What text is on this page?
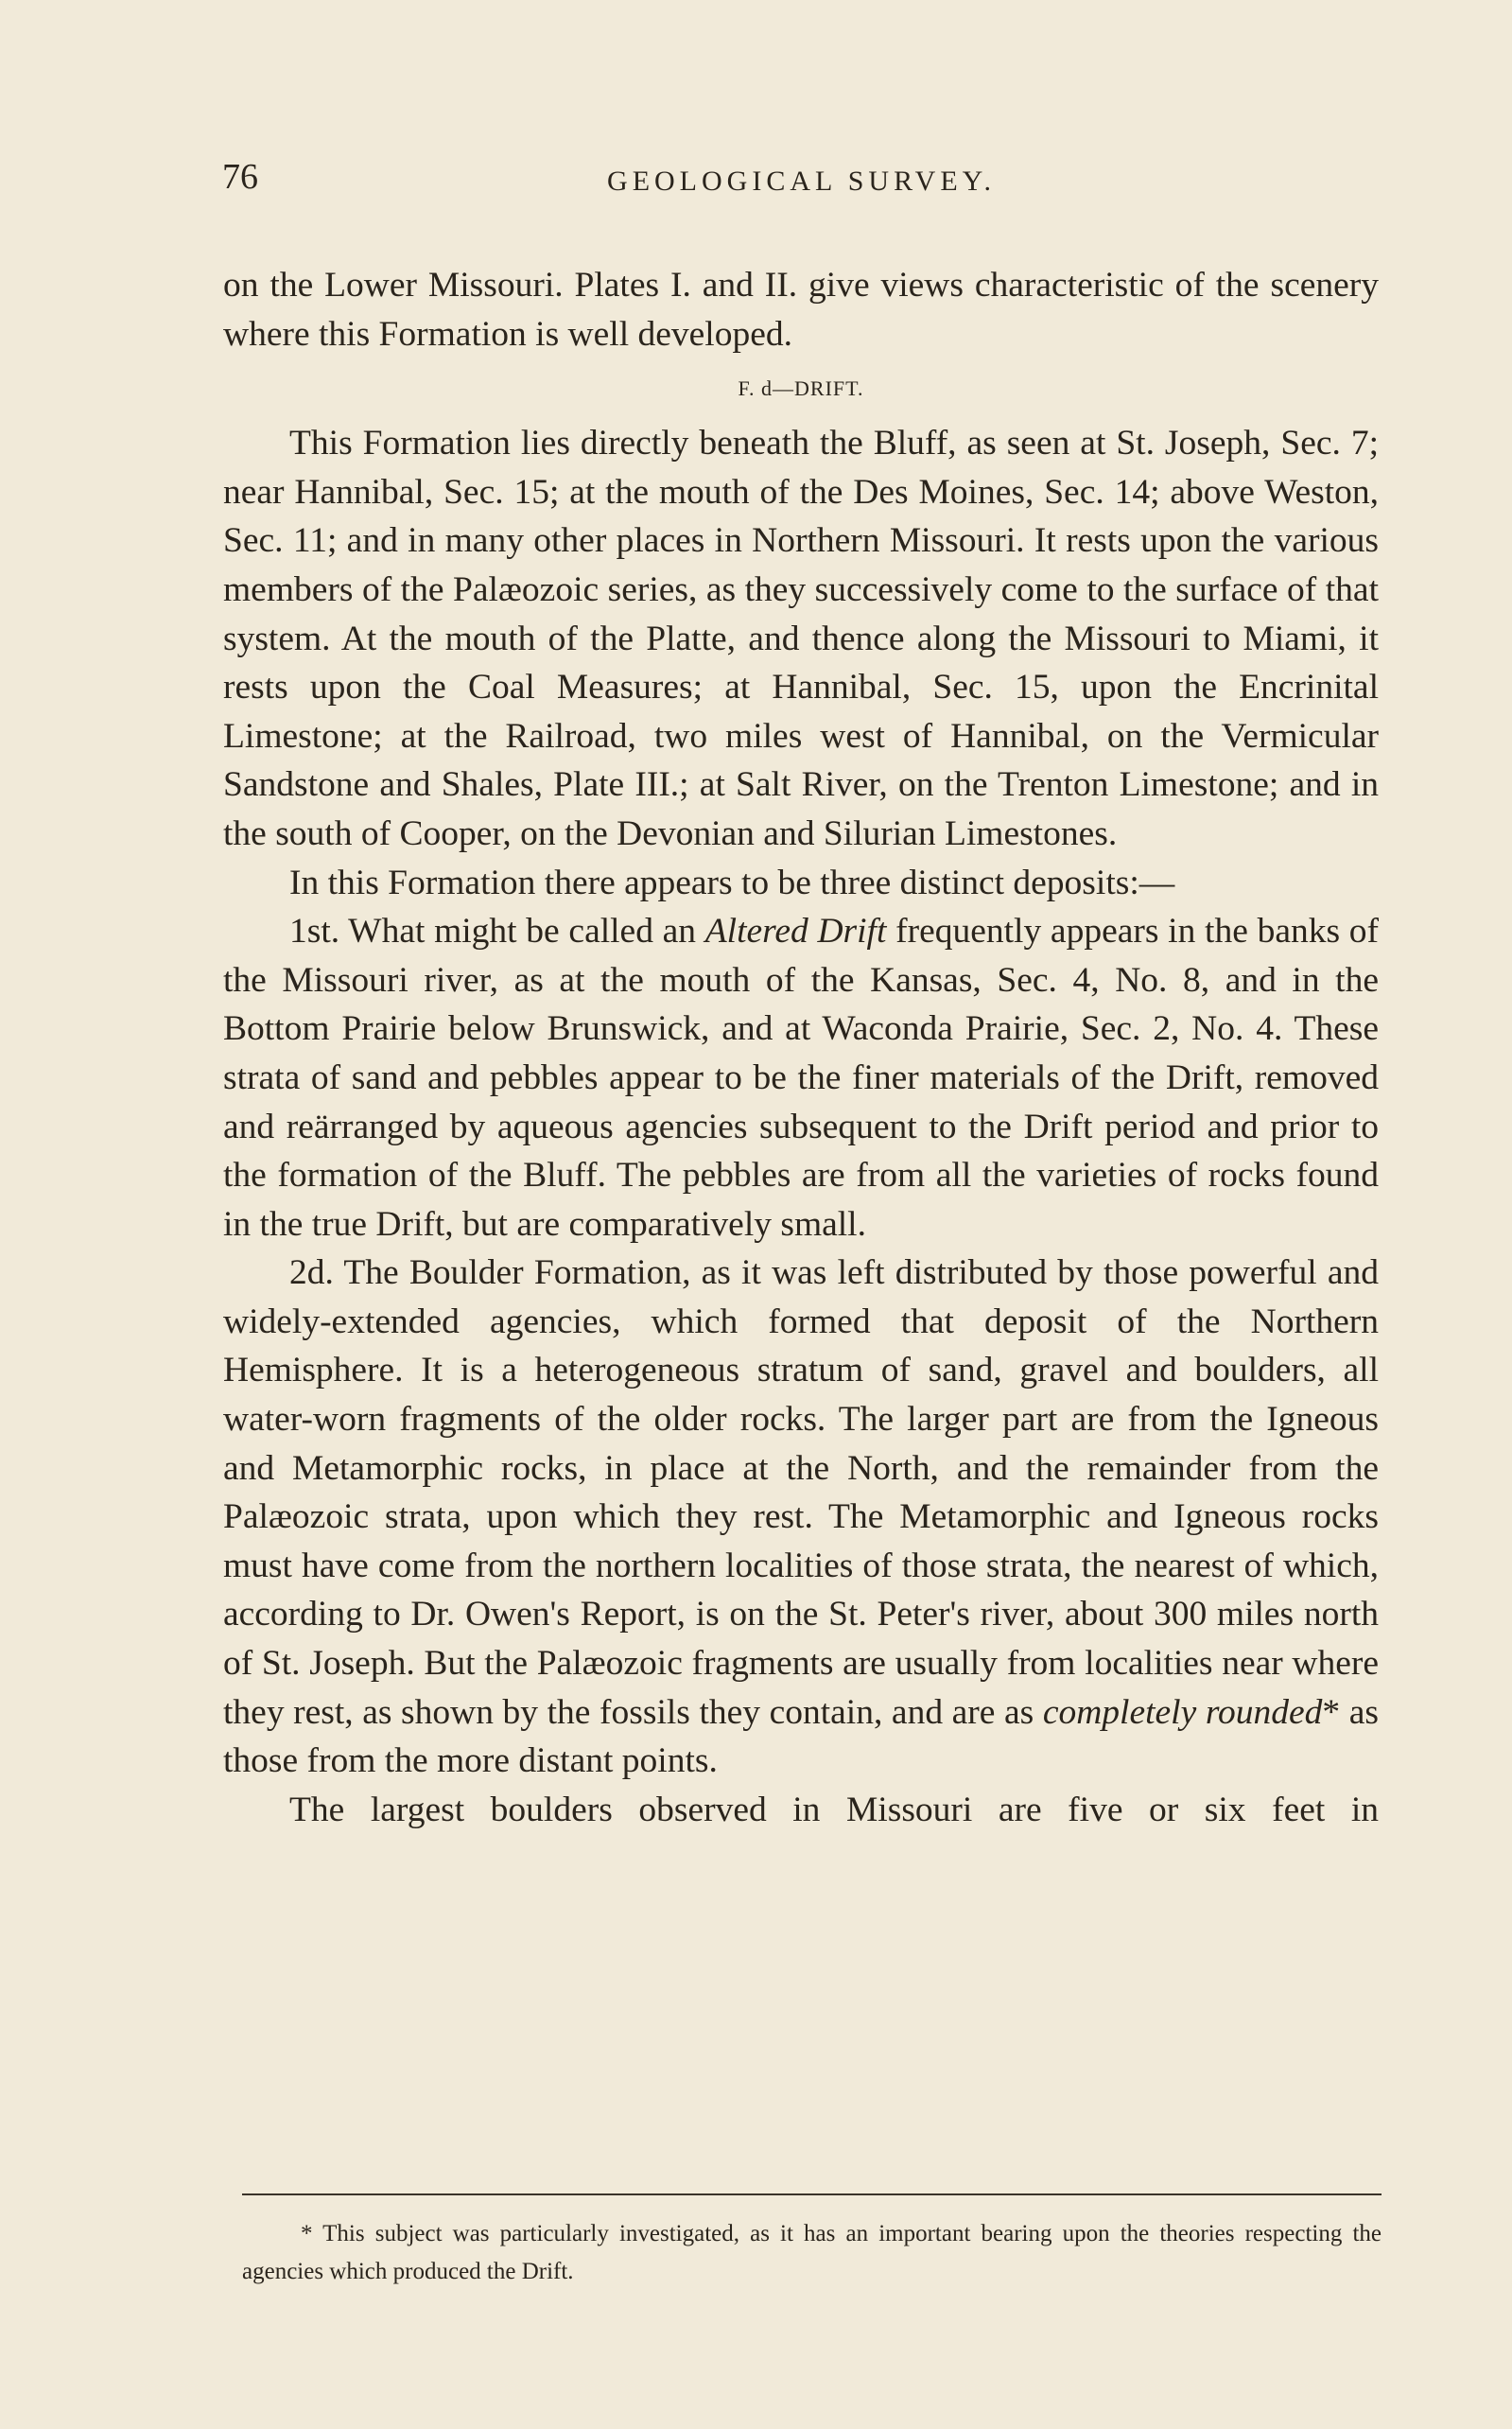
76	GEOLOGICAL SURVEY.

on the Lower Missouri. Plates I. and II. give views characteristic of the scenery where this Formation is well developed.

F. d—DRIFT.

This Formation lies directly beneath the Bluff, as seen at St. Joseph, Sec. 7; near Hannibal, Sec. 15; at the mouth of the Des Moines, Sec. 14; above Weston, Sec. 11; and in many other places in Northern Missouri. It rests upon the various members of the Palæozoic series, as they successively come to the surface of that system. At the mouth of the Platte, and thence along the Missouri to Miami, it rests upon the Coal Measures; at Hannibal, Sec. 15, upon the Encrinital Limestone; at the Railroad, two miles west of Hannibal, on the Vermicular Sandstone and Shales, Plate III.; at Salt River, on the Trenton Limestone; and in the south of Cooper, on the Devonian and Silurian Limestones.

In this Formation there appears to be three distinct deposits:—

1st. What might be called an Altered Drift frequently appears in the banks of the Missouri river, as at the mouth of the Kansas, Sec. 4, No. 8, and in the Bottom Prairie below Brunswick, and at Waconda Prairie, Sec. 2, No. 4. These strata of sand and pebbles appear to be the finer materials of the Drift, removed and reärranged by aqueous agencies subsequent to the Drift period and prior to the formation of the Bluff. The pebbles are from all the varieties of rocks found in the true Drift, but are comparatively small.

2d. The Boulder Formation, as it was left distributed by those powerful and widely-extended agencies, which formed that deposit of the Northern Hemisphere. It is a heterogeneous stratum of sand, gravel and boulders, all water-worn fragments of the older rocks. The larger part are from the Igneous and Metamorphic rocks, in place at the North, and the remainder from the Palæozoic strata, upon which they rest. The Metamorphic and Igneous rocks must have come from the northern localities of those strata, the nearest of which, according to Dr. Owen's Report, is on the St. Peter's river, about 300 miles north of St. Joseph. But the Palæozoic fragments are usually from localities near where they rest, as shown by the fossils they contain, and are as completely rounded* as those from the more distant points.

The largest boulders observed in Missouri are five or six feet in

* This subject was particularly investigated, as it has an important bearing upon the theories respecting the agencies which produced the Drift.
